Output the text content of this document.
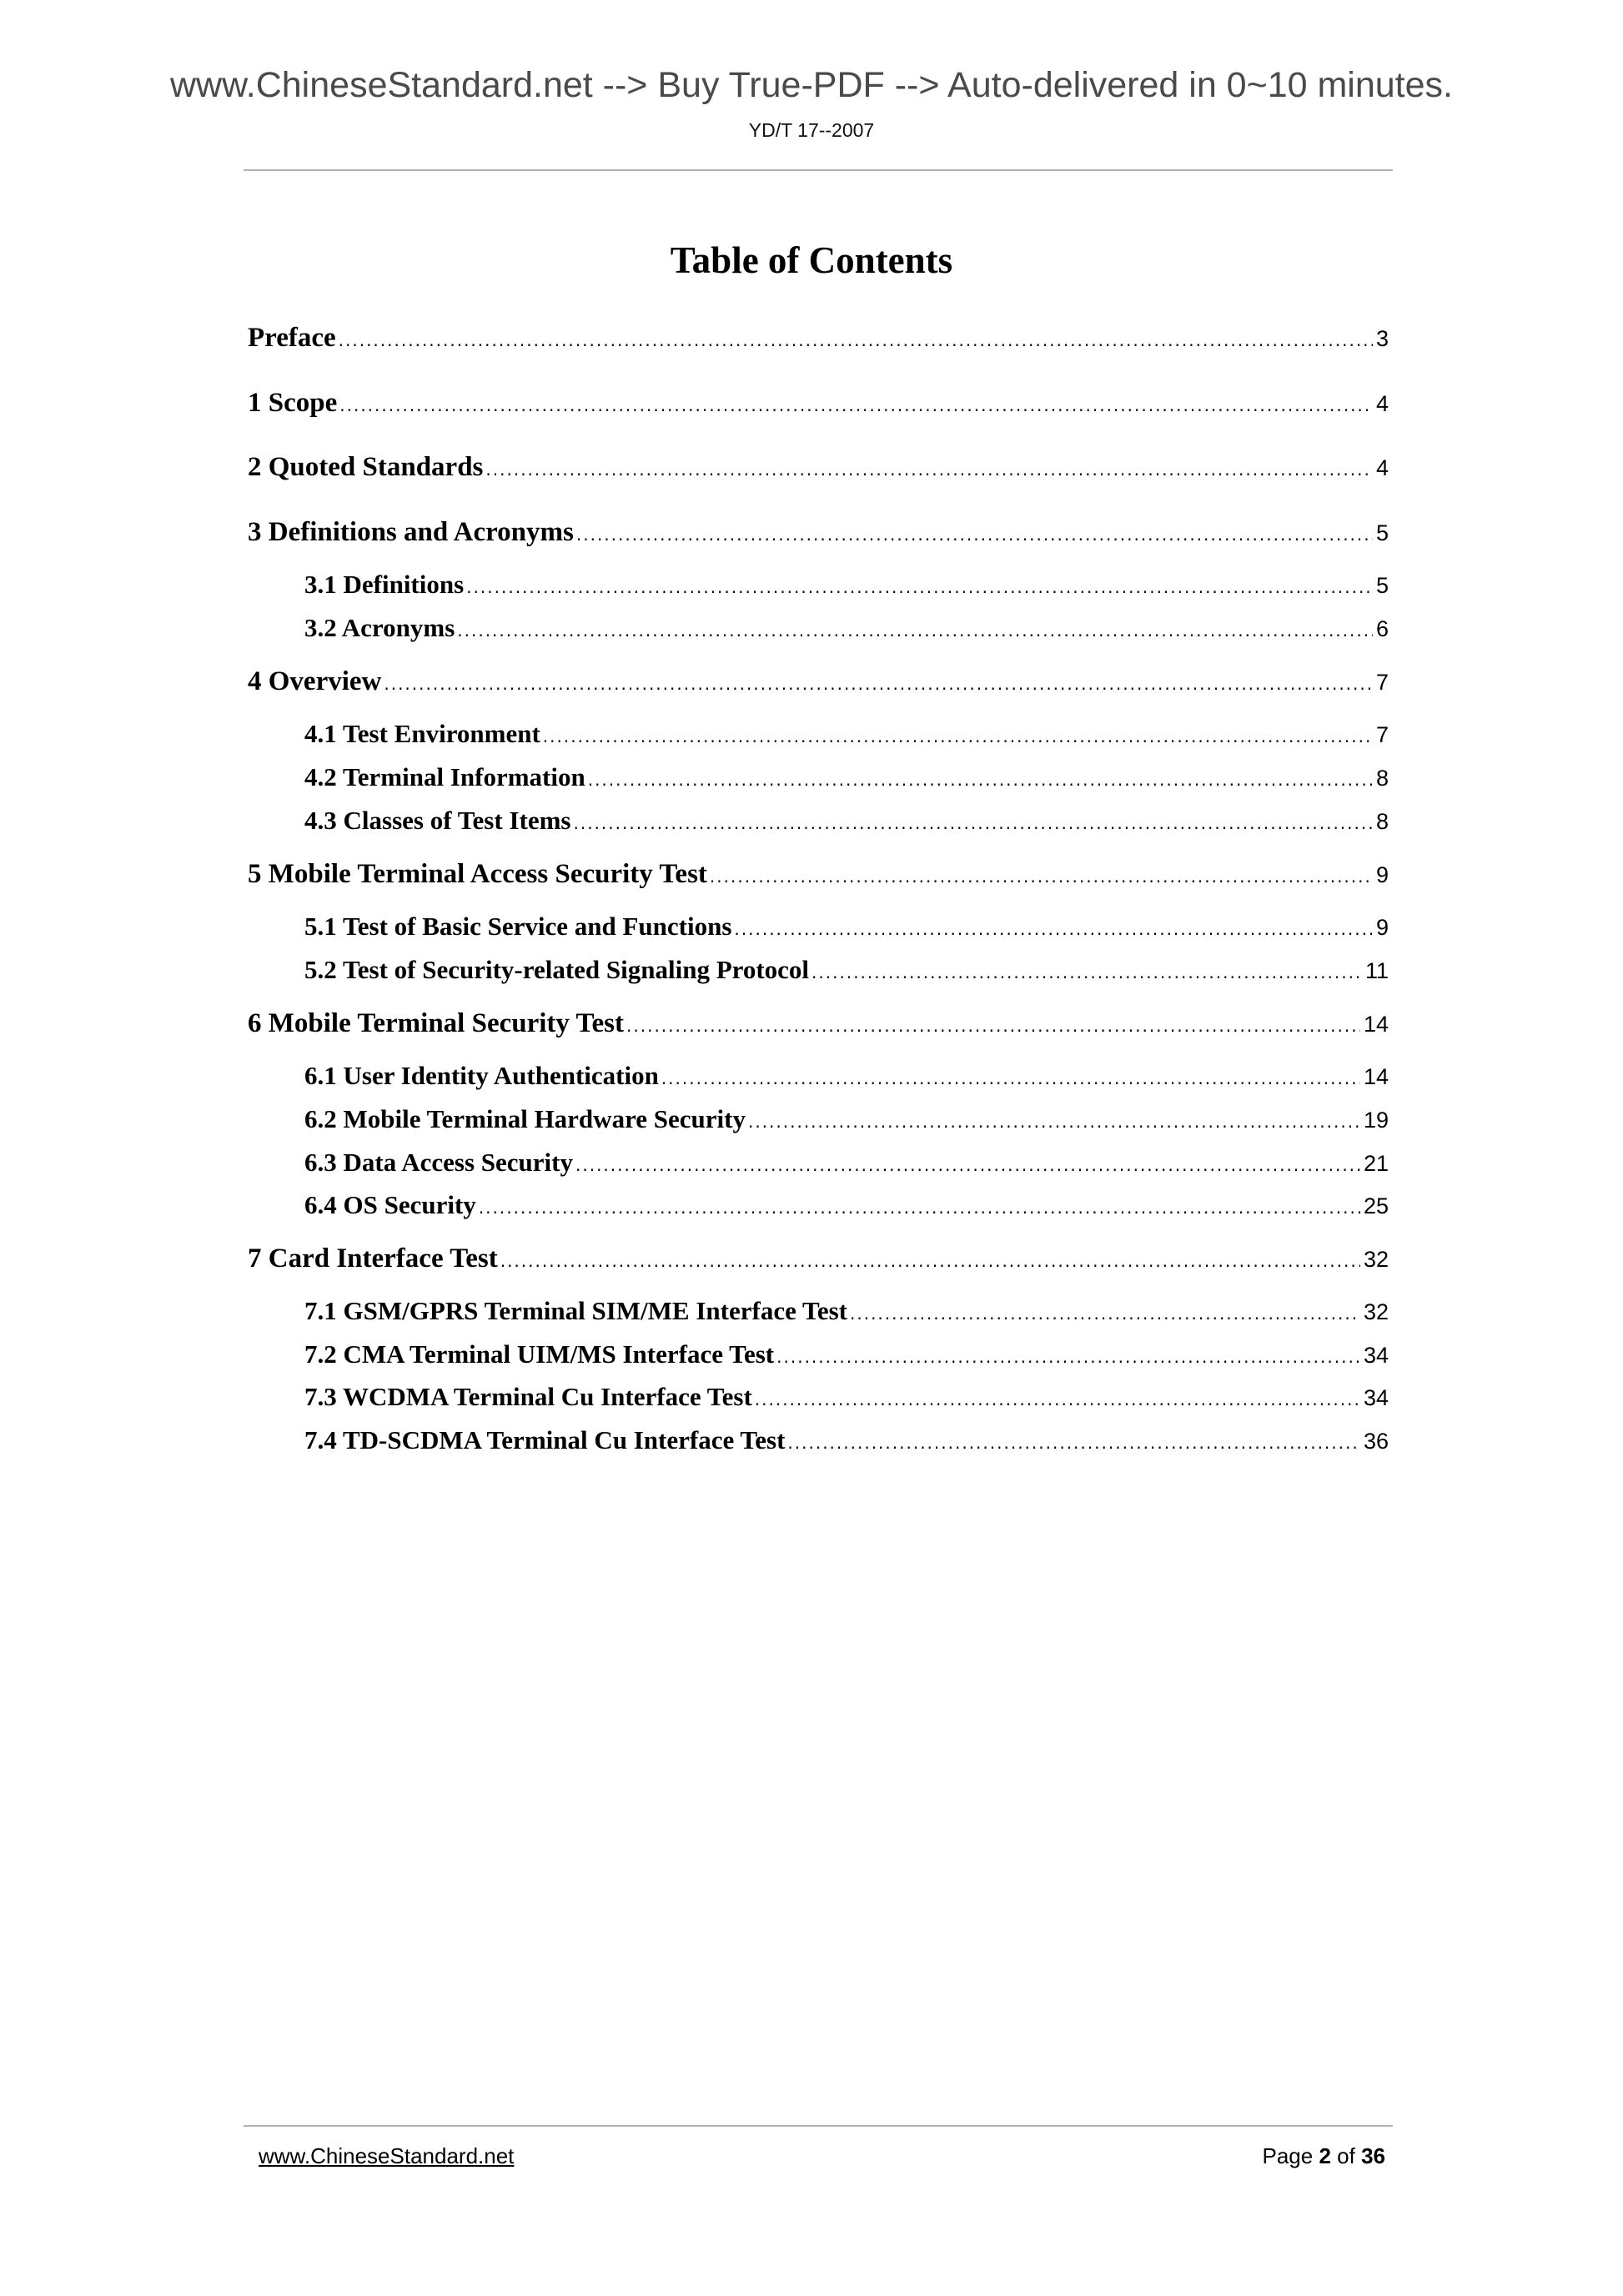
www.ChineseStandard.net --> Buy True-PDF --> Auto-delivered in 0~10 minutes.
YD/T 17--2007
Table of Contents
Preface .....	3
1 Scope .....	4
2 Quoted Standards .....	4
3 Definitions and Acronyms .....	5
3.1 Definitions .....	5
3.2 Acronyms .....	6
4 Overview .....	7
4.1 Test Environment .....	7
4.2 Terminal Information .....	8
4.3 Classes of Test Items .....	8
5 Mobile Terminal Access Security Test .....	9
5.1 Test of Basic Service and Functions .....	9
5.2 Test of Security-related Signaling Protocol .....	11
6 Mobile Terminal Security Test .....	14
6.1 User Identity Authentication .....	14
6.2 Mobile Terminal Hardware Security .....	19
6.3 Data Access Security .....	21
6.4 OS Security .....	25
7 Card Interface Test .....	32
7.1 GSM/GPRS Terminal SIM/ME Interface Test .....	32
7.2 CMA Terminal UIM/MS Interface Test .....	34
7.3 WCDMA Terminal Cu Interface Test .....	34
7.4 TD-SCDMA Terminal Cu Interface Test .....	36
www.ChineseStandard.net	Page 2 of 36
